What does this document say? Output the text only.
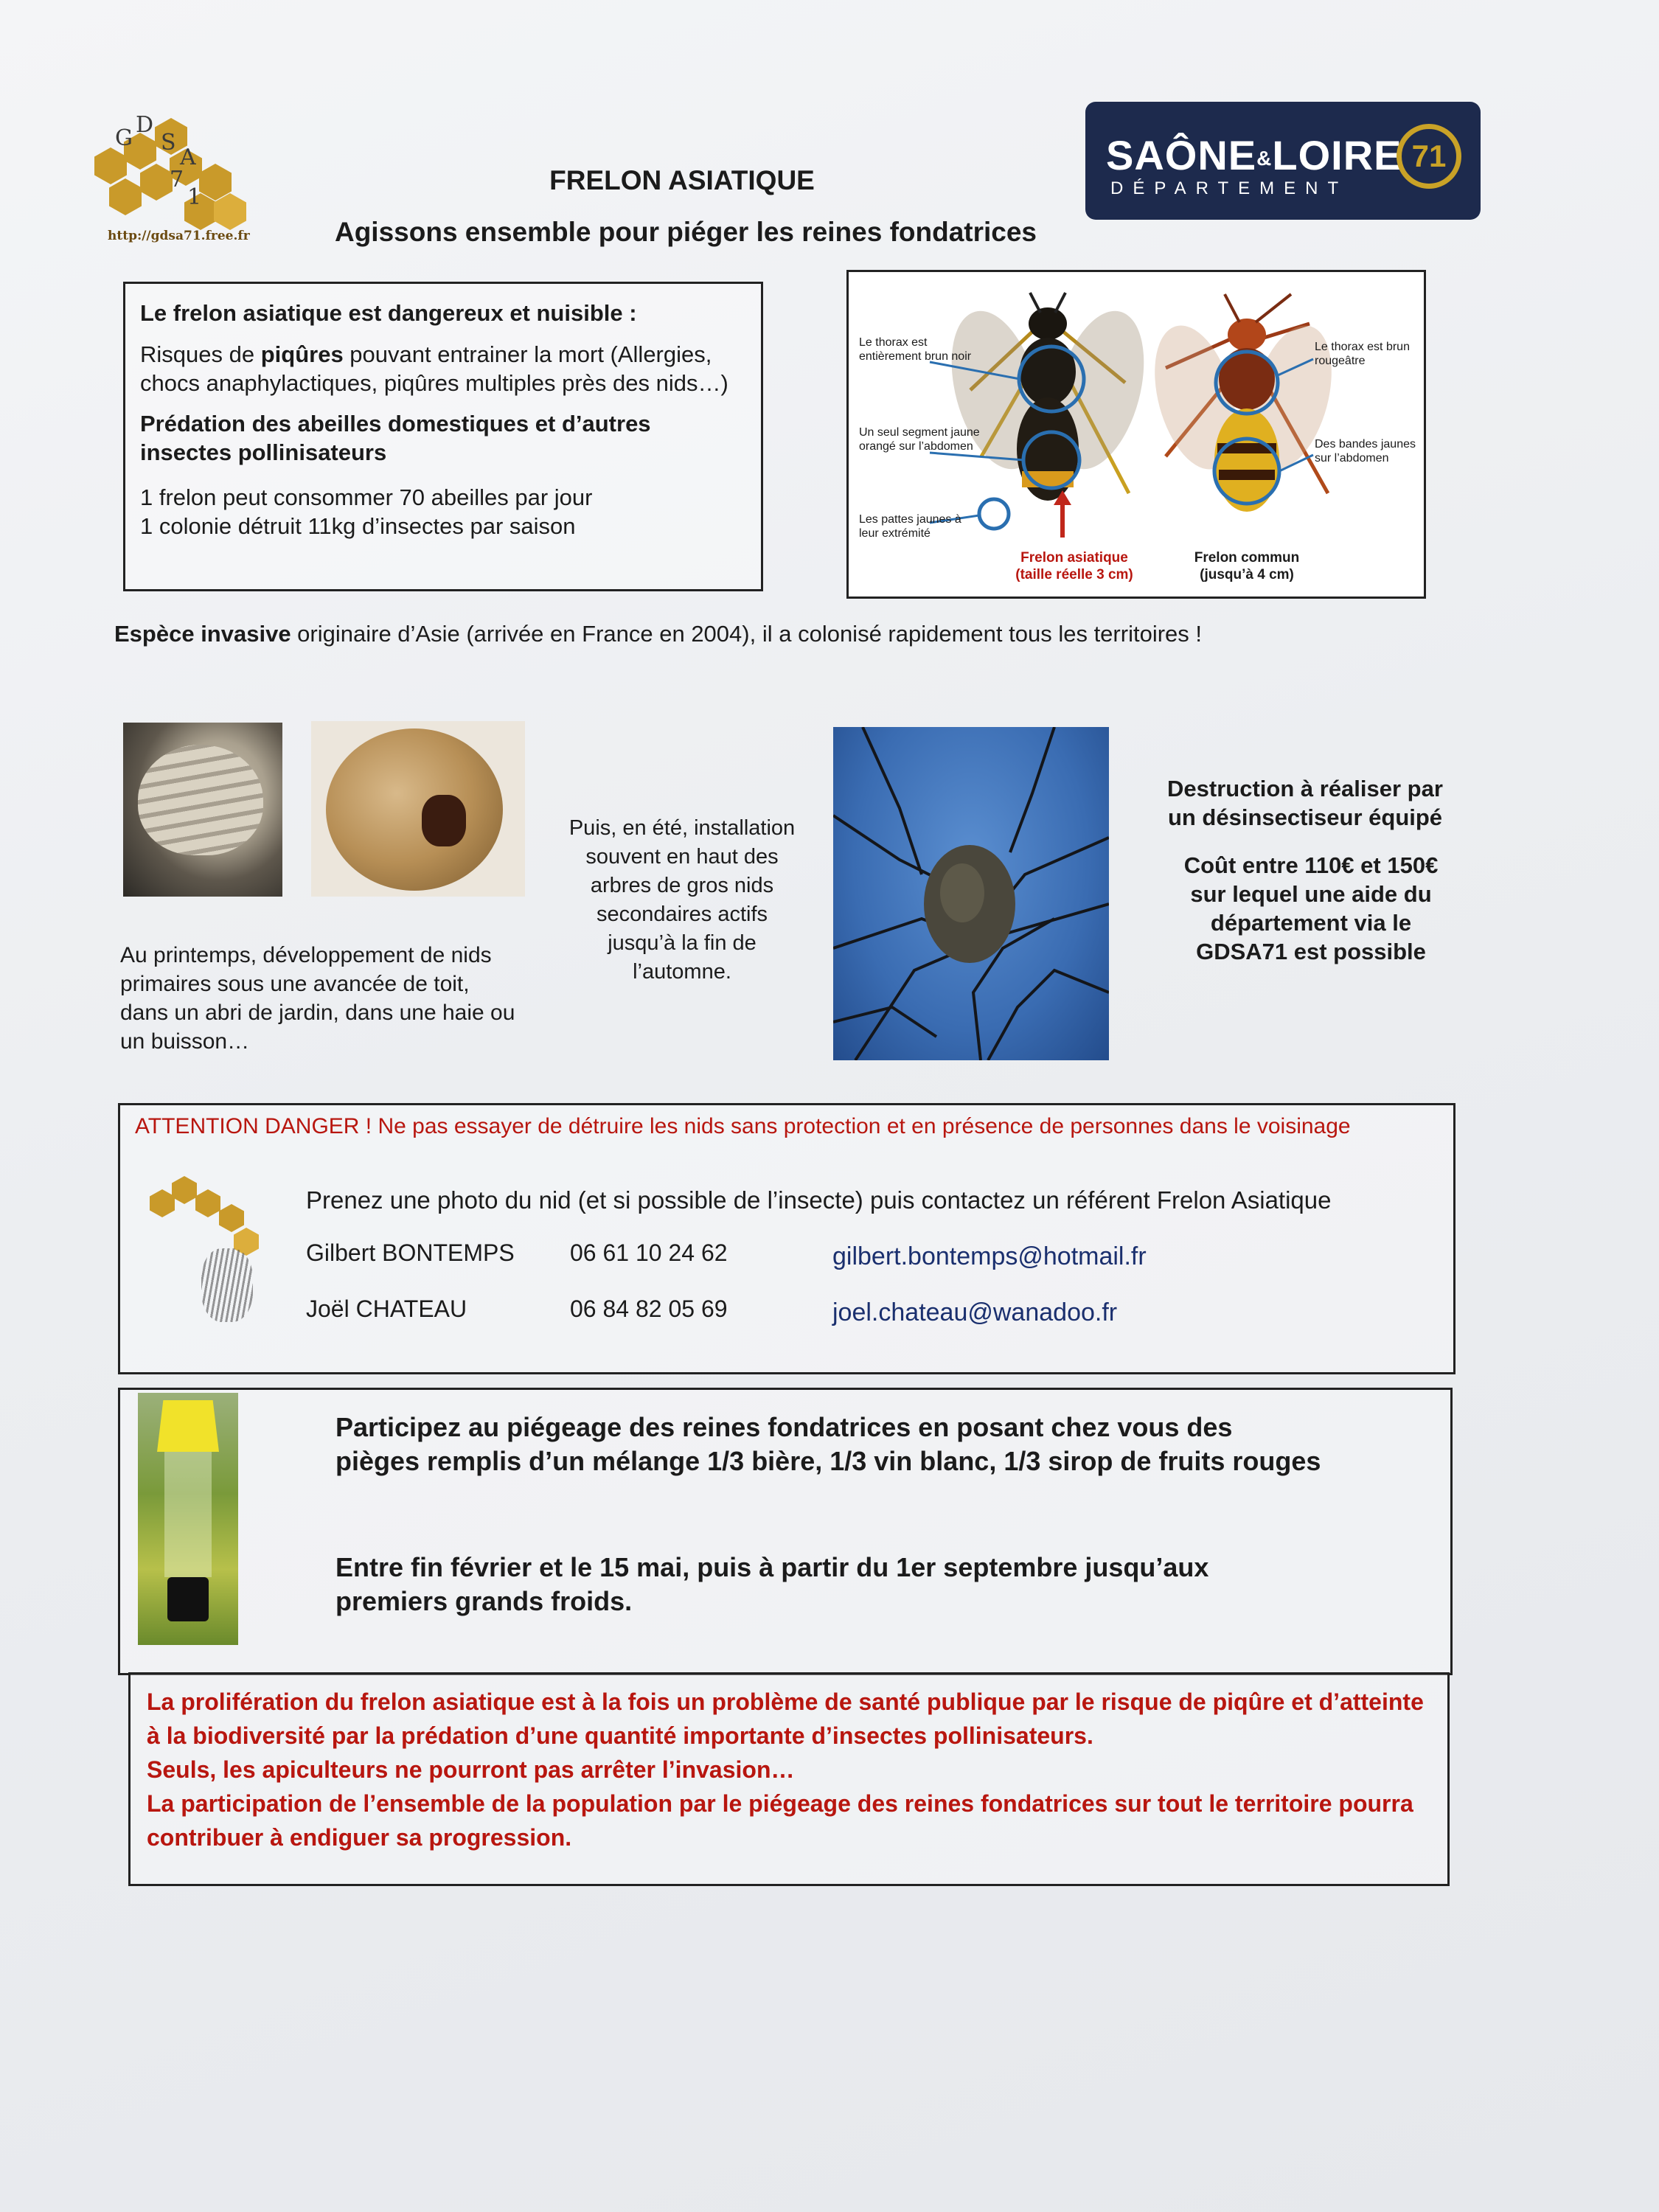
G
D
S
A
7
1
http://gdsa71.free.fr
FRELON ASIATIQUE
Agissons ensemble pour piéger les reines fondatrices
SAÔNE&LOIRE
DÉPARTEMENT
71

Le frelon asiatique est dangereux et nuisible :

Risques de piqûres pouvant entrainer la mort (Allergies, chocs anaphylactiques, piqûres multiples près des nids…)

Prédation des abeilles domestiques et d’autres insectes pollinisateurs

1 frelon peut consommer 70 abeilles par jour

1 colonie détruit 11kg d’insectes par saison

Le thorax est entièrement brun noir
Un seul segment jaune orangé sur l’abdomen
Les pattes jaunes à leur extrémité
Le thorax est brun rougeâtre
Des bandes jaunes sur l’abdomen
Frelon asiatique (taille réelle 3 cm)
Frelon commun (jusqu’à 4 cm)
Espèce invasive originaire d’Asie (arrivée en France en 2004), il a colonisé rapidement tous les territoires !
Au printemps, développement de nids primaires sous une avancée de toit, dans un abri de jardin, dans une haie ou un buisson…
Puis, en été, installation souvent en haut des arbres de gros nids secondaires actifs jusqu’à la fin de l’automne.
Destruction à réaliser par un désinsectiseur équipé
Coût entre 110€ et 150€ sur lequel une aide du département via le GDSA71 est possible
ATTENTION DANGER ! Ne pas essayer de détruire les nids sans protection et en présence de personnes dans le voisinage
Prenez une photo du nid (et si possible de l’insecte) puis contactez un référent Frelon Asiatique
Gilbert BONTEMPS 06 61 10 24 62	gilbert.bontemps@hotmail.fr
Joël CHATEAU	06 84 82 05 69	joel.chateau@wanadoo.fr
Participez au piégeage des reines fondatrices en posant chez vous des pièges remplis d’un mélange 1/3 bière, 1/3 vin blanc, 1/3 sirop de fruits rouges
Entre fin février et le 15 mai, puis à partir du 1er septembre jusqu’aux premiers grands froids.

La prolifération du frelon asiatique est à la fois un problème de santé publique par le risque de piqûre et d’atteinte à la biodiversité par la prédation d’une quantité importante d’insectes pollinisateurs.

Seuls, les apiculteurs ne pourront pas arrêter l’invasion…

La participation de l’ensemble de la population par le piégeage des reines fondatrices sur tout le territoire pourra contribuer à endiguer sa progression.
